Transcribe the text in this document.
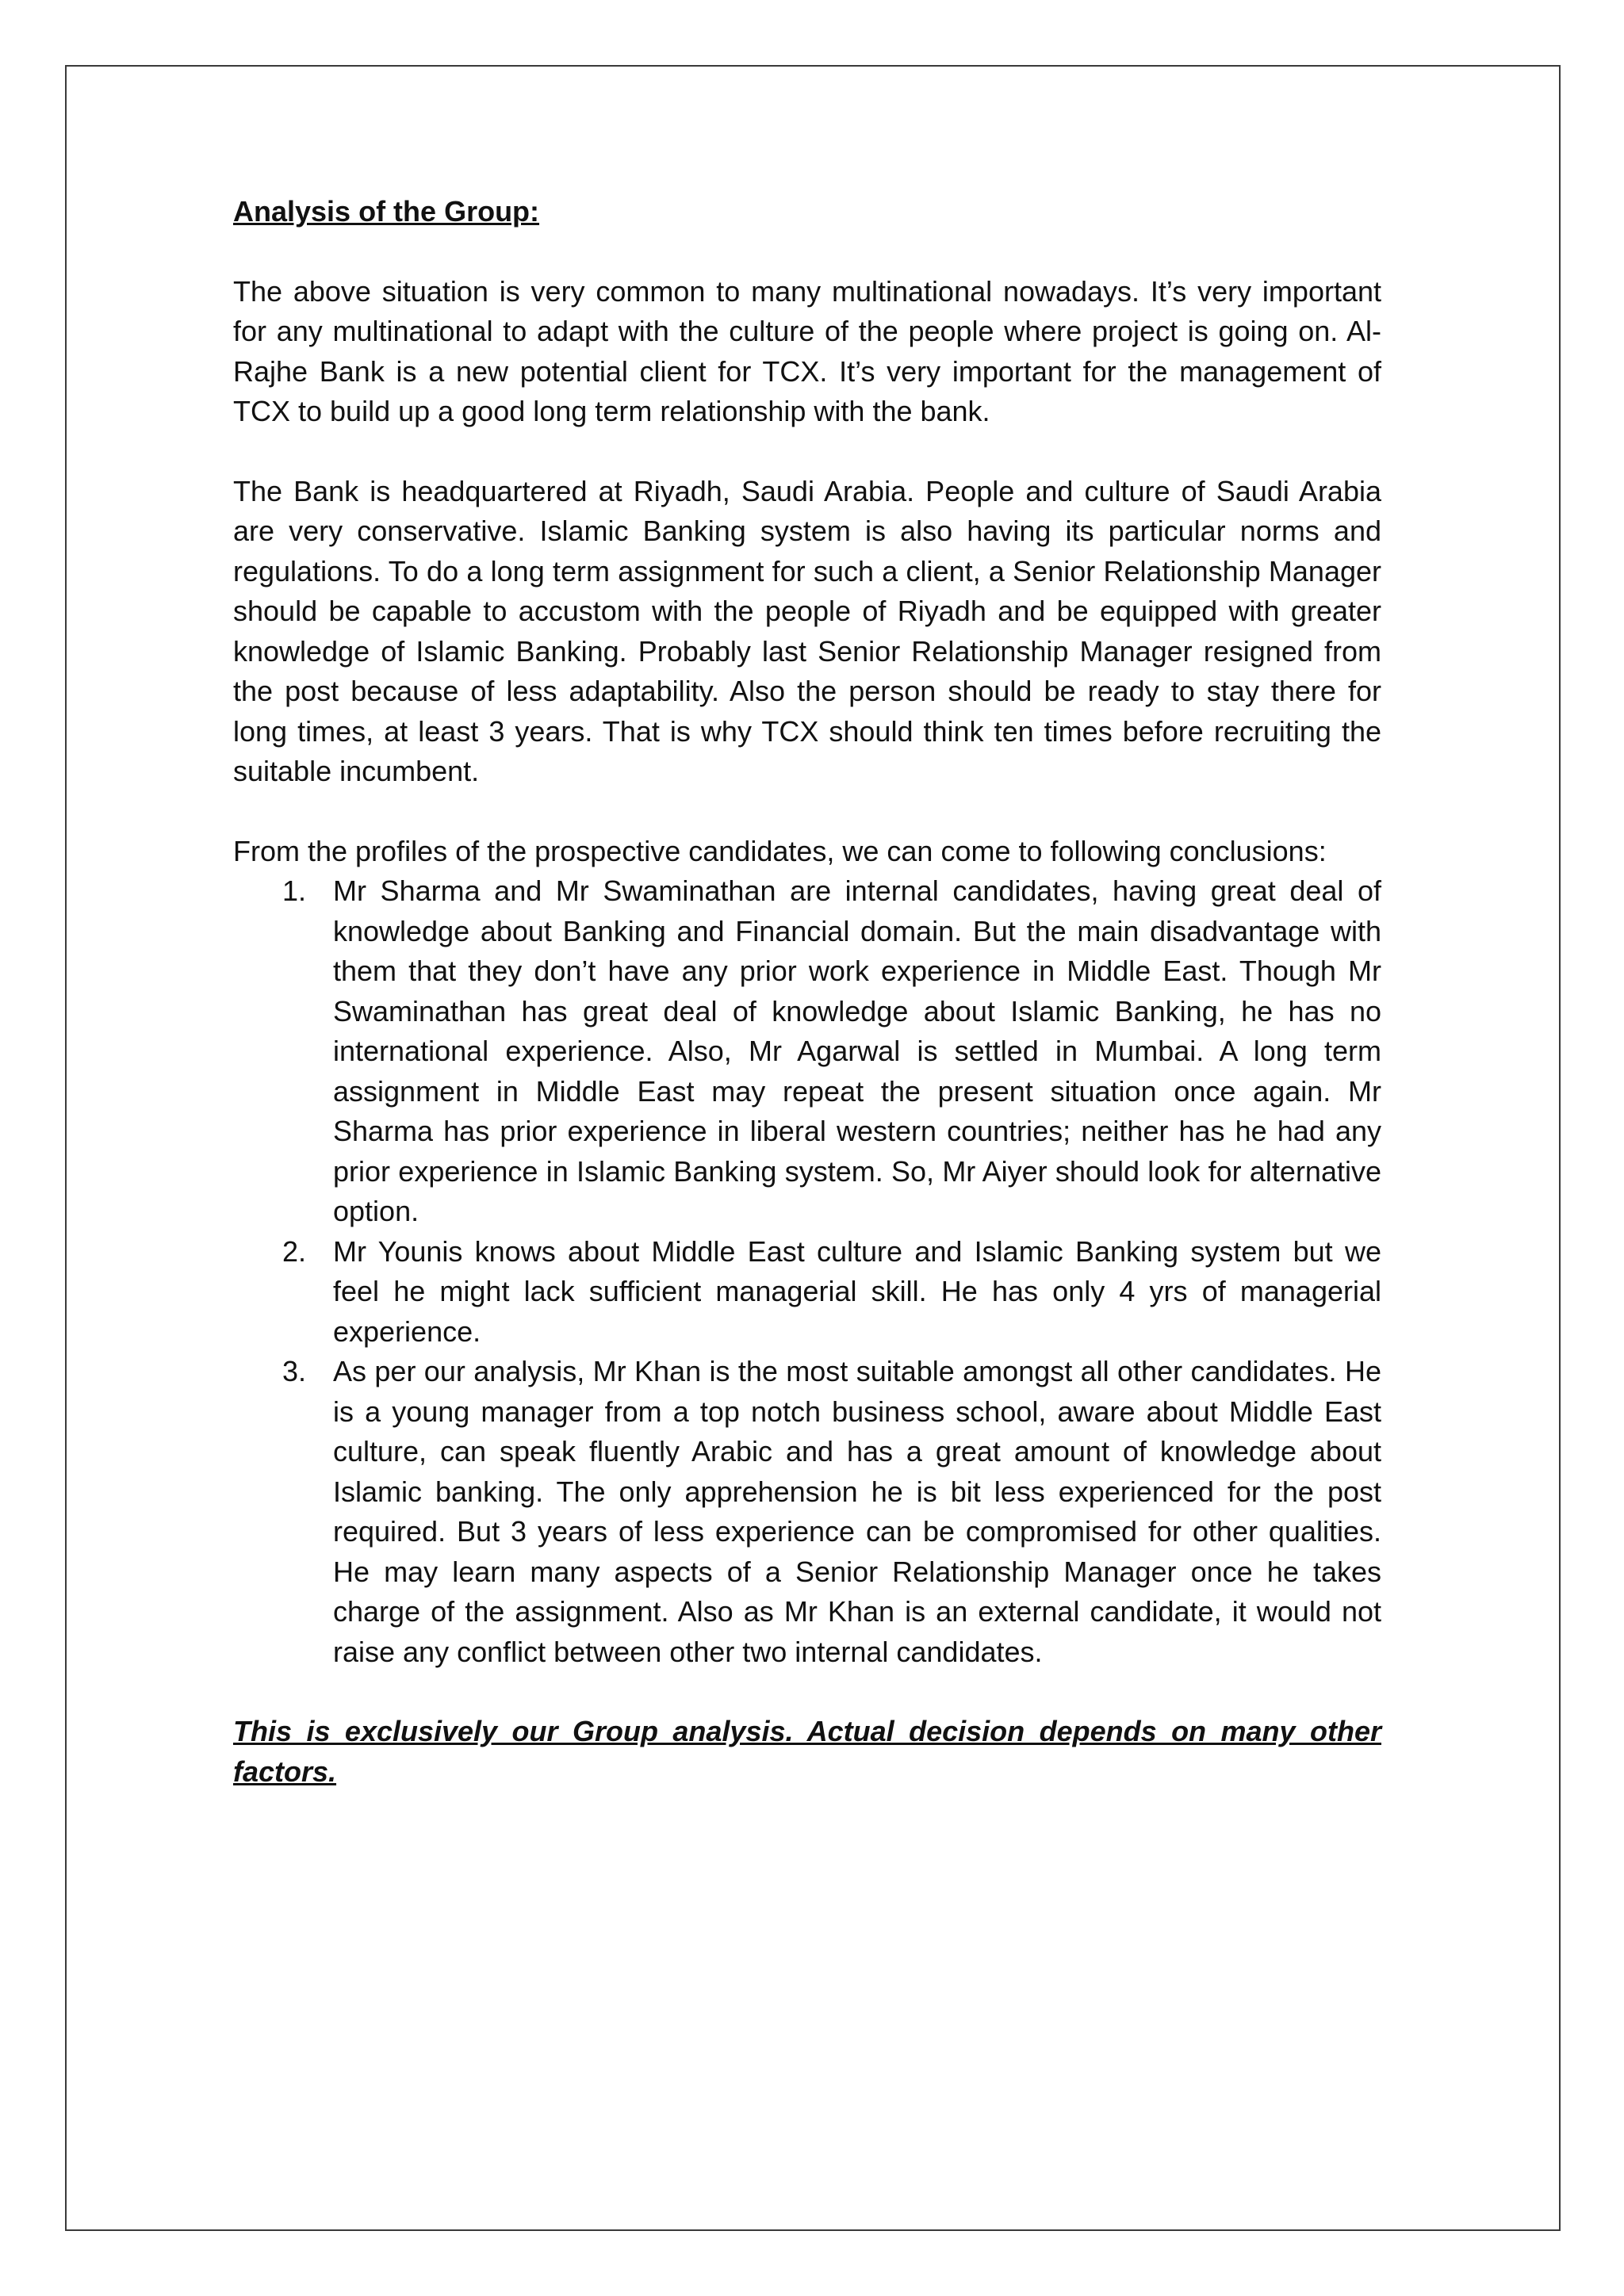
Analysis of the Group:

The above situation is very common to many multinational nowadays. It’s very important for any multinational to adapt with the culture of the people where project is going on. Al-Rajhe Bank is a new potential client for TCX. It’s very important for the management of TCX to build up a good long term relationship with the bank.

The Bank is headquartered at Riyadh, Saudi Arabia. People and culture of Saudi Arabia are very conservative. Islamic Banking system is also having its particular norms and regulations. To do a long term assignment for such a client, a Senior Relationship Manager should be capable to accustom with the people of Riyadh and be equipped with greater knowledge of Islamic Banking. Probably last Senior Relationship Manager resigned from the post because of less adaptability. Also the person should be ready to stay there for long times, at least 3 years. That is why TCX should think ten times before recruiting the suitable incumbent.

From the profiles of the prospective candidates, we can come to following conclusions:

1. Mr Sharma and Mr Swaminathan are internal candidates, having great deal of knowledge about Banking and Financial domain. But the main disadvantage with them that they don’t have any prior work experience in Middle East. Though Mr Swaminathan has great deal of knowledge about Islamic Banking, he has no international experience. Also, Mr Agarwal is settled in Mumbai. A long term assignment in Middle East may repeat the present situation once again. Mr Sharma has prior experience in liberal western countries; neither has he had any prior experience in Islamic Banking system. So, Mr Aiyer should look for alternative option.
2. Mr Younis knows about Middle East culture and Islamic Banking system but we feel he might lack sufficient managerial skill. He has only 4 yrs of managerial experience.
3. As per our analysis, Mr Khan is the most suitable amongst all other candidates. He is a young manager from a top notch business school, aware about Middle East culture, can speak fluently Arabic and has a great amount of knowledge about Islamic banking. The only apprehension he is bit less experienced for the post required. But 3 years of less experience can be compromised for other qualities. He may learn many aspects of a Senior Relationship Manager once he takes charge of the assignment. Also as Mr Khan is an external candidate, it would not raise any conflict between other two internal candidates.

This is exclusively our Group analysis. Actual decision depends on many other factors.
